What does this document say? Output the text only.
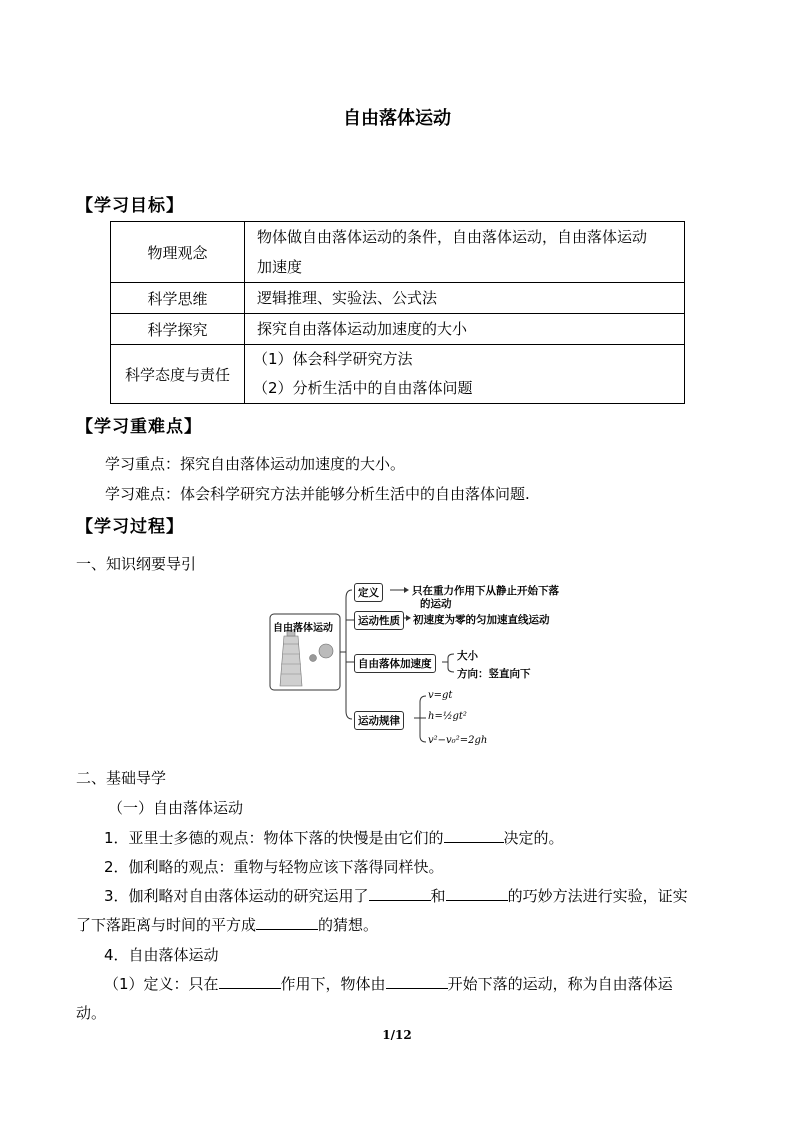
自由落体运动
【学习目标】
物理观念	物体做自由落体运动的条件，自由落体运动，自由落体运动
加速度

科学思维	逻辑推理、实验法、公式法

科学探究	探究自由落体运动加速度的大小

科学态度与责任	（1）体会科学研究方法
（2）分析生活中的自由落体问题
【学习重难点】
学习重点：探究自由落体运动加速度的大小。
学习难点：体会科学研究方法并能够分析生活中的自由落体问题.
【学习过程】
一、知识纲要导引
自由落体运动
定义	只在重力作用下从静止开始下落
的运动
运动性质	初速度为零的匀加速直线运动
自由落体加速度
大小
方向：竖直向下
运动规律
v=gt
h=½gt²
v²−v₀²=2gh
二、基础导学
（一）自由落体运动
1．亚里士多德的观点：物体下落的快慢是由它们的	决定的。
2．伽利略的观点：重物与轻物应该下落得同样快。
3．伽利略对自由落体运动的研究运用了	和	的巧妙方法进行实验，证实
了下落距离与时间的平方成	的猜想。
4．自由落体运动
（1）定义：只在	作用下，物体由	开始下落的运动，称为自由落体运
动。
1/12
